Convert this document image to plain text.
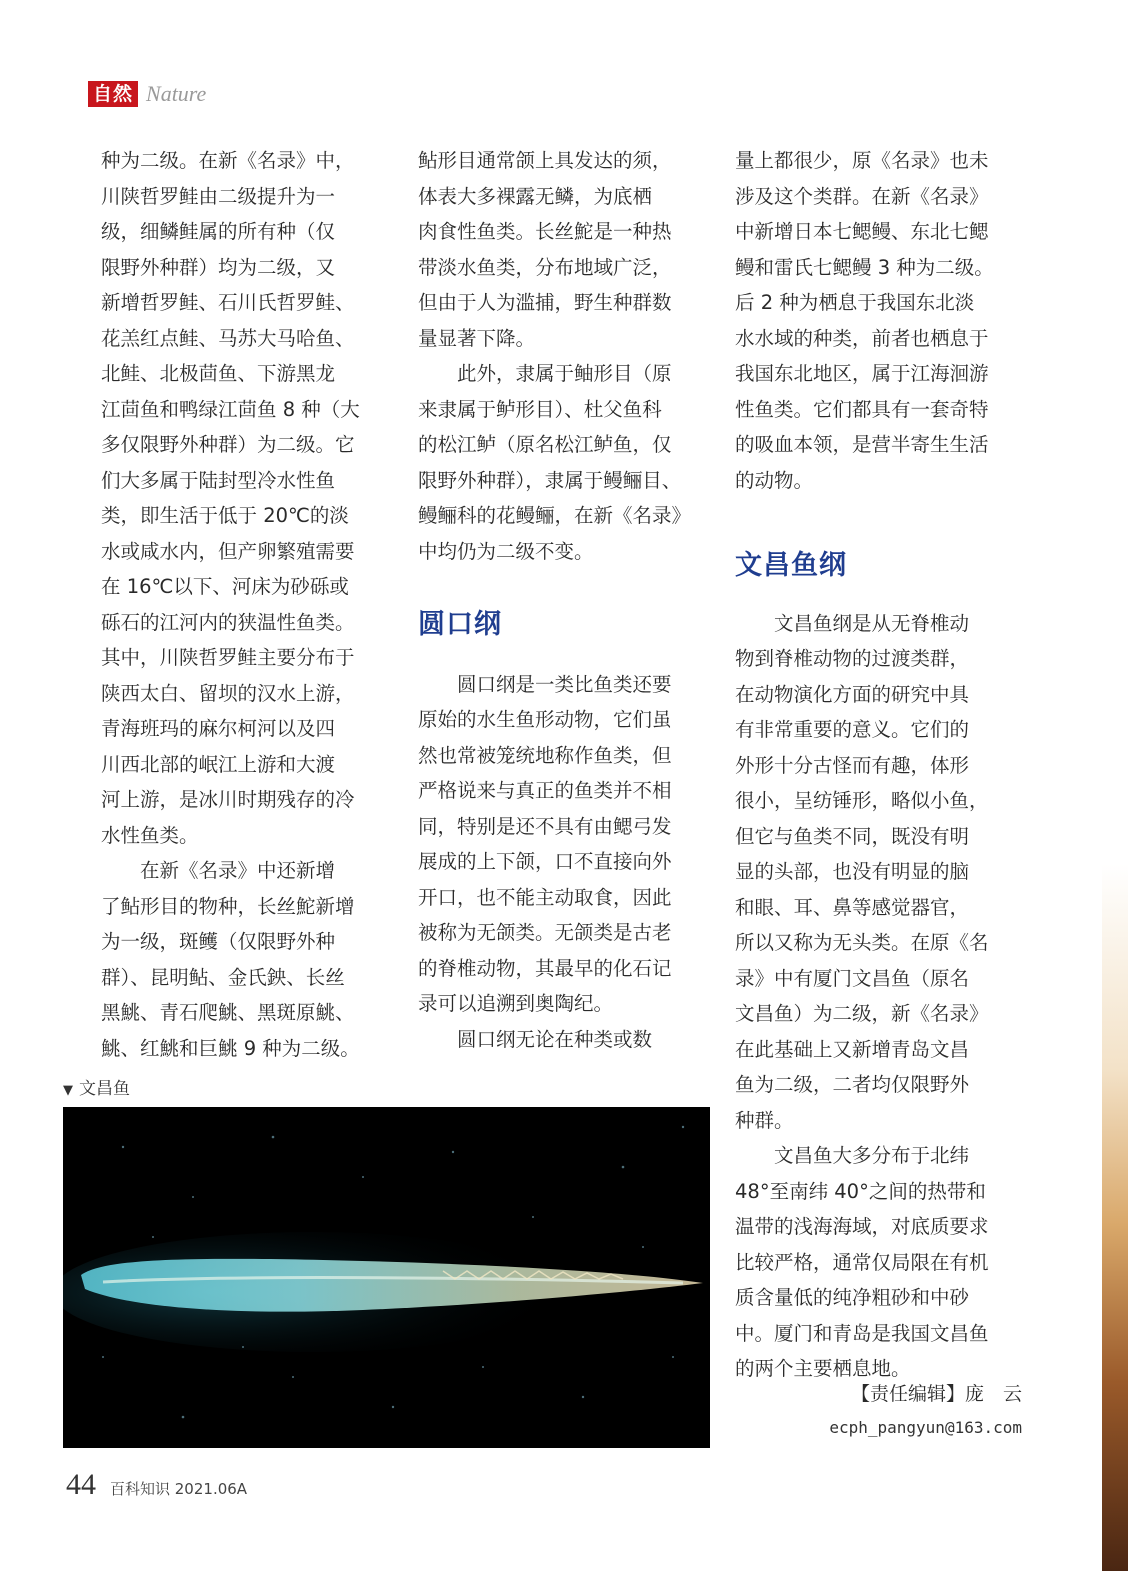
自然 Nature

种为二级。在新《名录》中，
川陕哲罗鲑由二级提升为一
级，细鳞鲑属的所有种（仅
限野外种群）均为二级，又
新增哲罗鲑、石川氏哲罗鲑、
花羔红点鲑、马苏大马哈鱼、
北鲑、北极茴鱼、下游黑龙
江茴鱼和鸭绿江茴鱼 8 种（大
多仅限野外种群）为二级。它
们大多属于陆封型冷水性鱼
类，即生活于低于 20℃的淡
水或咸水内，但产卵繁殖需要
在 16℃以下、河床为砂砾或
砾石的江河内的狭温性鱼类。
其中，川陕哲罗鲑主要分布于
陕西太白、留坝的汉水上游，
青海班玛的麻尔柯河以及四
川西北部的岷江上游和大渡
河上游，是冰川时期残存的冷
水性鱼类。

在新《名录》中还新增
了鲇形目的物种，长丝鮀新增
为一级，斑鳠（仅限野外种
群）、昆明鲇、金氏鉠、长丝
黑鮡、青石爬鮡、黑斑原鮡、
鮡、红鮡和巨鮡 9 种为二级。

鲇形目通常颌上具发达的须，
体表大多裸露无鳞，为底栖
肉食性鱼类。长丝鮀是一种热
带淡水鱼类，分布地域广泛，
但由于人为滥捕，野生种群数
量显著下降。

此外，隶属于鲉形目（原
来隶属于鲈形目）、杜父鱼科
的松江鲈（原名松江鲈鱼，仅
限野外种群），隶属于鳗鲡目、
鳗鲡科的花鳗鲡，在新《名录》
中均仍为二级不变。

圆口纲

圆口纲是一类比鱼类还要
原始的水生鱼形动物，它们虽
然也常被笼统地称作鱼类，但
严格说来与真正的鱼类并不相
同，特别是还不具有由鳃弓发
展成的上下颌，口不直接向外
开口，也不能主动取食，因此
被称为无颌类。无颌类是古老
的脊椎动物，其最早的化石记
录可以追溯到奥陶纪。

圆口纲无论在种类或数

量上都很少，原《名录》也未
涉及这个类群。在新《名录》
中新增日本七鳃鳗、东北七鳃
鳗和雷氏七鳃鳗 3 种为二级。
后 2 种为栖息于我国东北淡
水水域的种类，前者也栖息于
我国东北地区，属于江海洄游
性鱼类。它们都具有一套奇特
的吸血本领，是营半寄生生活
的动物。

文昌鱼纲

文昌鱼纲是从无脊椎动
物到脊椎动物的过渡类群，
在动物演化方面的研究中具
有非常重要的意义。它们的
外形十分古怪而有趣，体形
很小，呈纺锤形，略似小鱼，
但它与鱼类不同，既没有明
显的头部，也没有明显的脑
和眼、耳、鼻等感觉器官，
所以又称为无头类。在原《名
录》中有厦门文昌鱼（原名
文昌鱼）为二级，新《名录》
在此基础上又新增青岛文昌
鱼为二级，二者均仅限野外
种群。

文昌鱼大多分布于北纬
48°至南纬 40°之间的热带和
温带的浅海海域，对底质要求
比较严格，通常仅局限在有机
质含量低的纯净粗砂和中砂
中。厦门和青岛是我国文昌鱼
的两个主要栖息地。

▼ 文昌鱼
【责任编辑】庞　云
ecph_pangyun@163.com
44 百科知识 2021.06A
